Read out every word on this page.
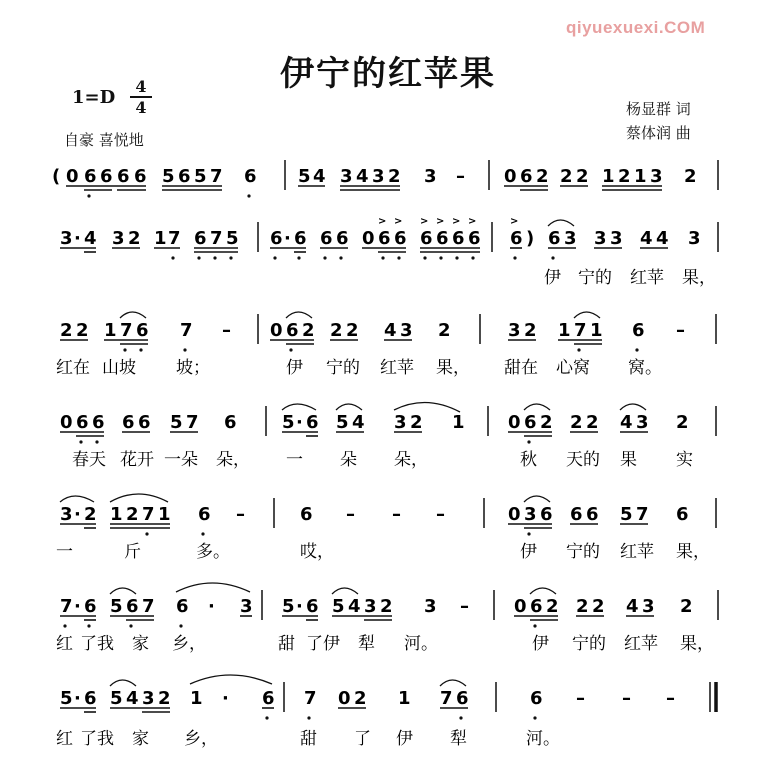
qiyuexuexi.COM
伊宁的红苹果
1=D
4
4
自豪 喜悦地
杨显群 词
蔡体润 曲
( 0 6 6 6 6 5 6 5 7 6 5 4 3 4 3 2 3 – 0 6 2 2 2 1 2 1 3 2
3 · 4 3 2 1 7 6 7 5 6 · 6 6 6 0 6 6 6 6 6 6 6 ) 6 3 3 3 4 4 3
> > > > > >	>
伊 宁的 红苹 果，
2 2 1 7 6 7 – 0 6 2 2 2 4 3 2	3 2 1 7 1 6 –
红在 山坡 坡；	伊 宁的 红苹 果， 甜在 心窝 窝。
0 6 6 6 6 5 7 6	5 · 6 5 4 3 2 1 0 6 2 2 2 4 3 2
春天 花开 一朵 朵， 一 朵 朵，	秋 天的 果 实
3 · 2 1 2 7 1 6 –	6 – – –	0 3 6 6 6 5 7 6
一	斤	多。	哎，	伊 宁的 红苹 果，
7 · 6 5 6 7 6 · 3 5 · 6 5 4 3 2 3 –	0 6 2 2 2 4 3 2
红 了我 家 乡，	甜 了伊 犁 河。	伊 宁的 红苹 果，
5 · 6 5 4 3 2 1 · 6 7 0 2 1 7 6	6 – – –
红 了我 家 乡，	甜 了 伊 犁	河。
